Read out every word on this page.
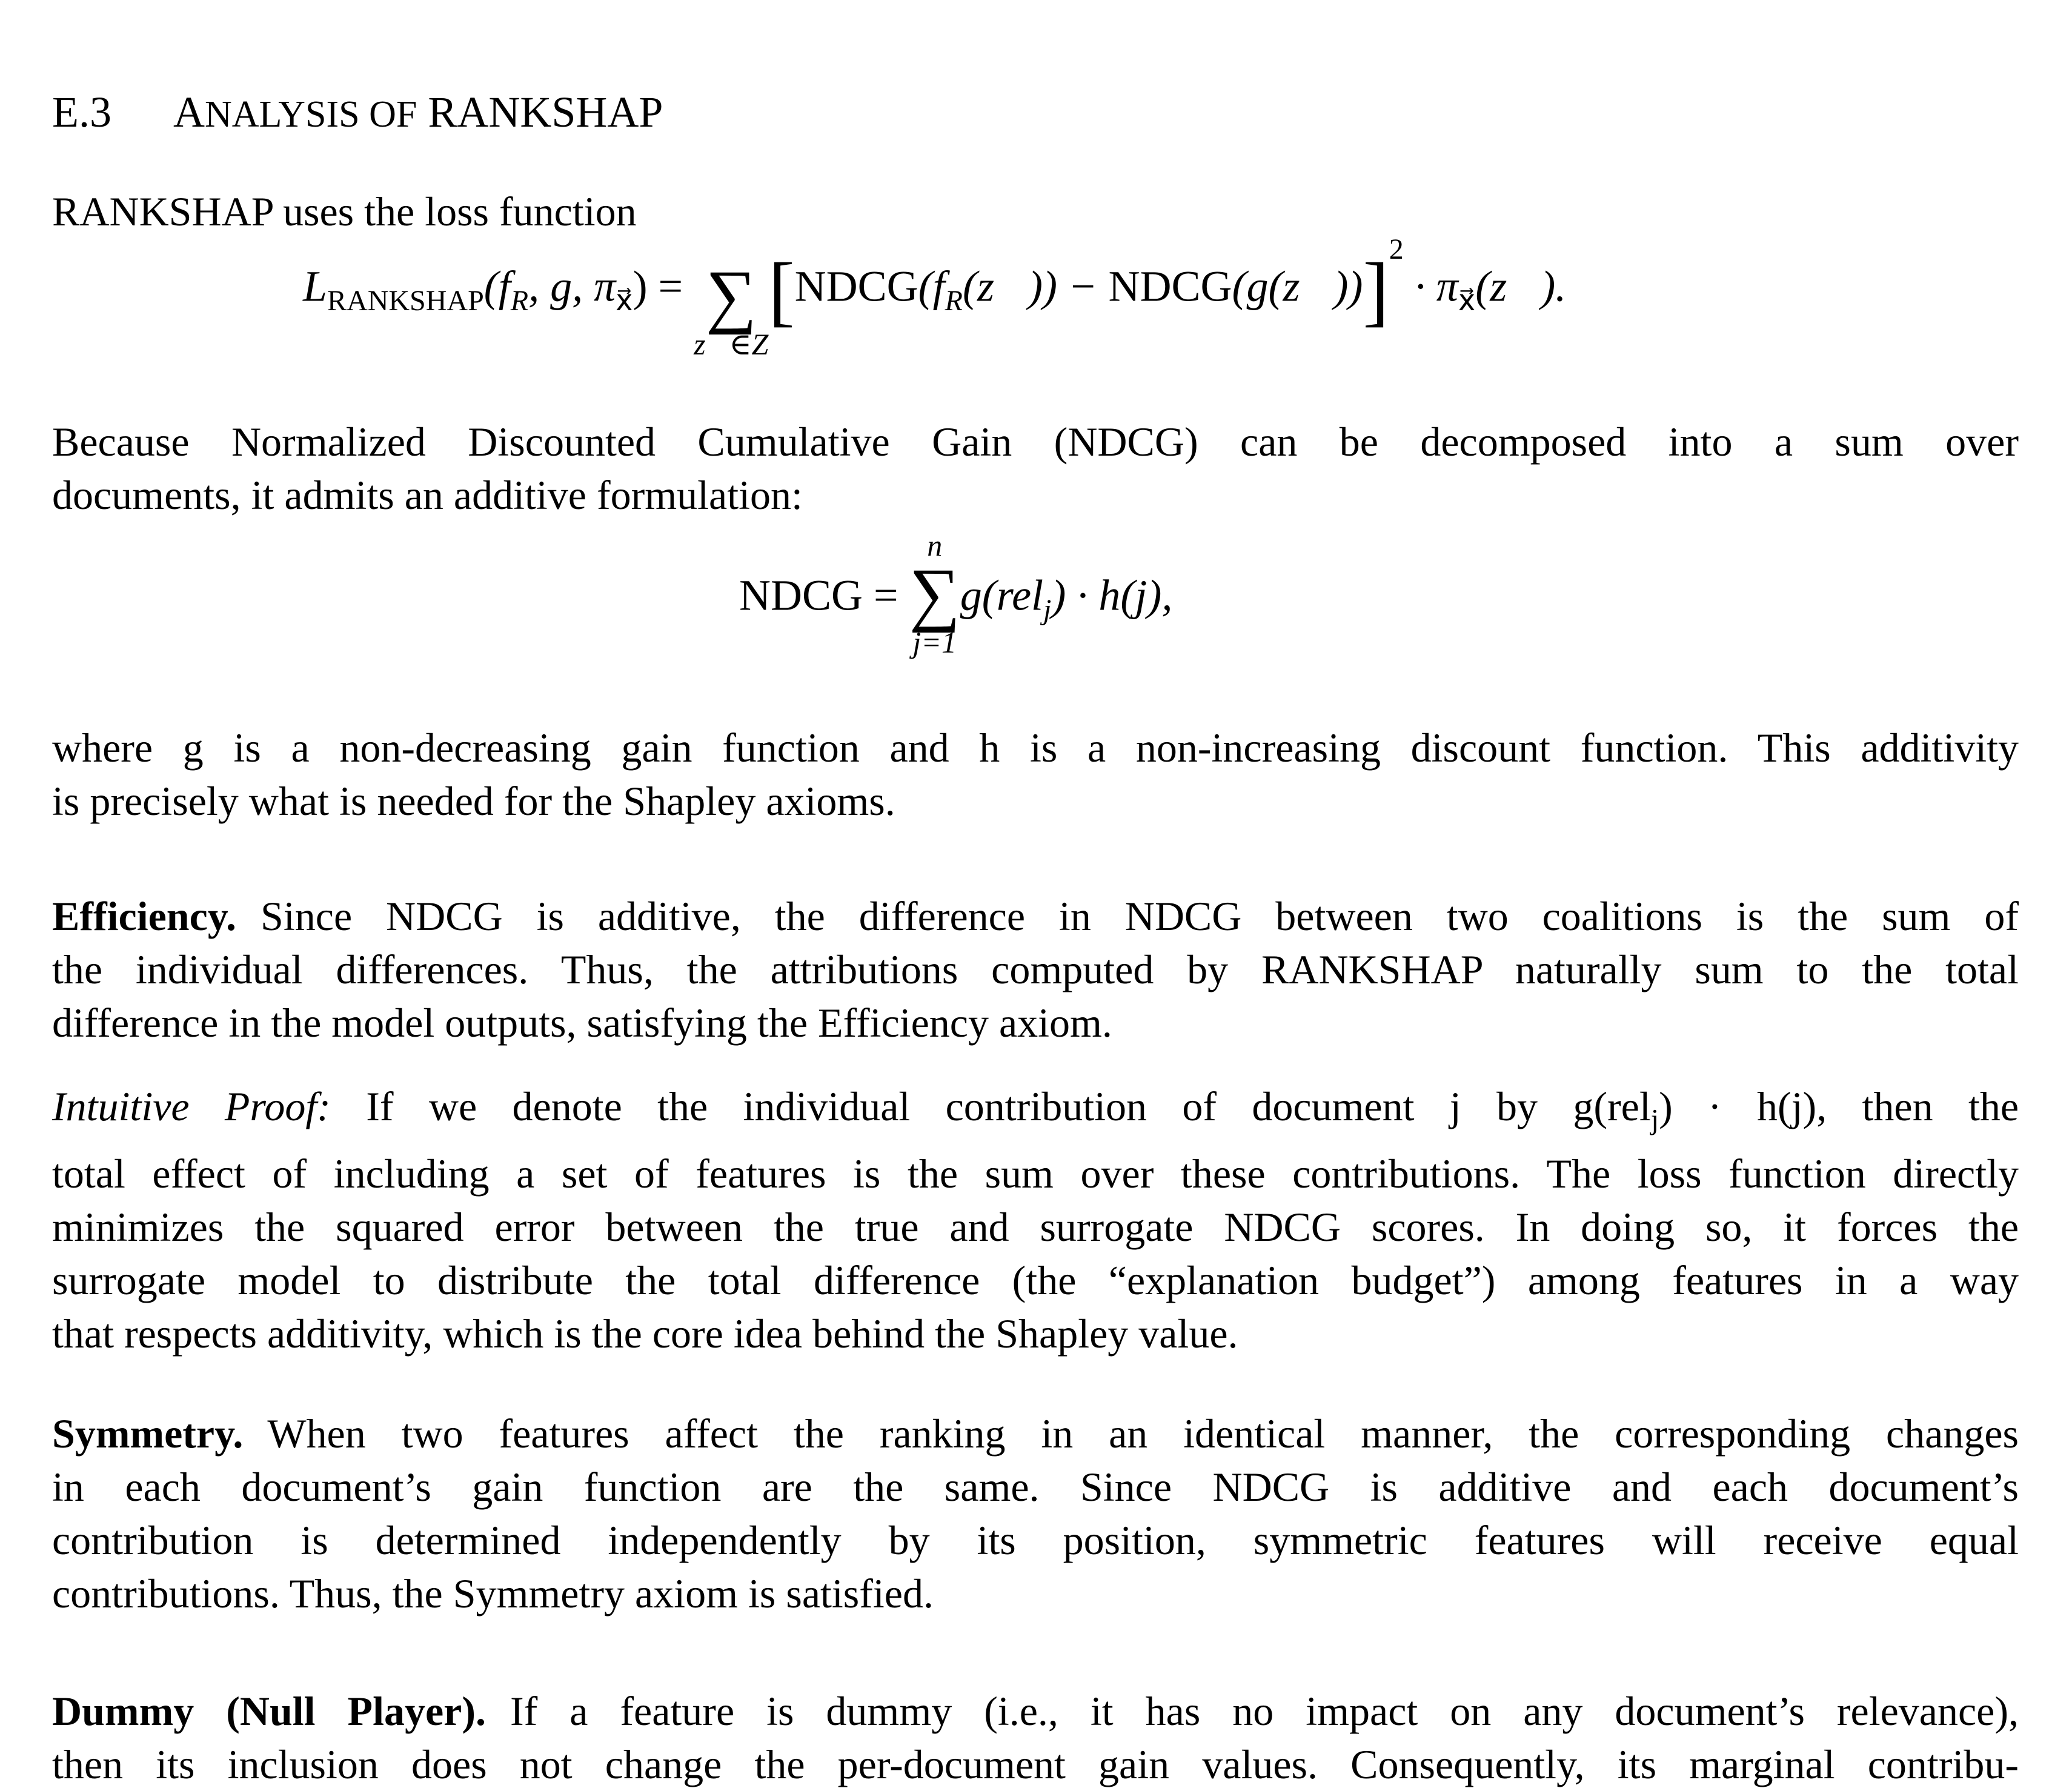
E.3 ANALYSIS OF RANKSHAP
RANKSHAP uses the loss function
$L_{RANKSHAP}(f_R$, g, $\pi_{x⃗}$) = ∑
z⃗∈Z
[$NDCG(f_R(z⃗))$ − NDCG(g(z⃗))]$^2$ · $\pi_{x⃗}(z⃗)$.
Because Normalized Discounted Cumulative Gain (NDCG) can be decomposed into a sum over
documents, it admits an additive formulation:
NDCG =
n
∑
j=1
g(rel$_j$) · h(j),
where g is a non-decreasing gain function and h is a non-increasing discount function. This additivity
is precisely what is needed for the Shapley axioms.
Efficiency. Since NDCG is additive, the difference in NDCG between two coalitions is the sum of
the individual differences. Thus, the attributions computed by RANKSHAP naturally sum to the total
difference in the model outputs, satisfying the Efficiency axiom.
Intuitive Proof: If we denote the individual contribution of document j by g(rel$_j$) · h(j), then the
total effect of including a set of features is the sum over these contributions. The loss function directly
minimizes the squared error between the true and surrogate NDCG scores. In doing so, it forces the
surrogate model to distribute the total difference (the “explanation budget”) among features in a way
that respects additivity, which is the core idea behind the Shapley value.
Symmetry. When two features affect the ranking in an identical manner, the corresponding changes
in each document’s gain function are the same. Since NDCG is additive and each document’s
contribution is determined independently by its position, symmetric features will receive equal
contributions. Thus, the Symmetry axiom is satisfied.
Dummy (Null Player). If a feature is dummy (i.e., it has no impact on any document’s relevance),
then its inclusion does not change the per-document gain values. Consequently, its marginal contribu-
